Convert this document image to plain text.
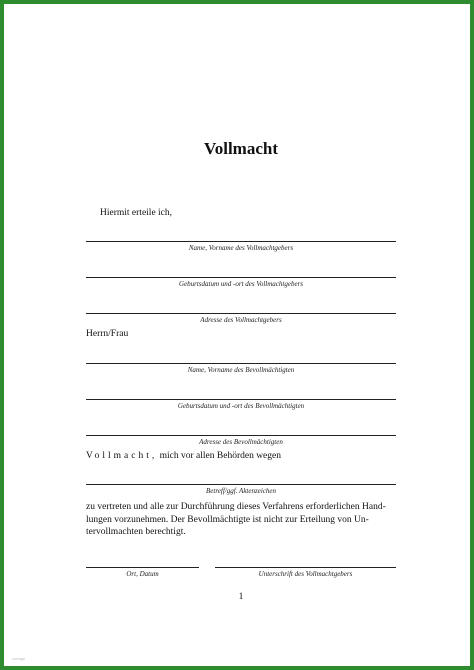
Vollmacht
Hiermit erteile ich,
Name, Vorname des Vollmachtgebers
Geburtsdatum und -ort des Vollmachtgebers
Adresse des Vollmachtgebers
Herrn/Frau
Name, Vorname des Bevollmächtigten
Geburtsdatum und -ort des Bevollmächtigten
Adresse des Bevollmächtigten
Vollmacht, mich vor allen Behörden wegen
Betreff/ggf. Aktenzeichen
zu vertreten und alle zur Durchführung dieses Verfahrens erforderlichen Hand-
lungen vorzunehmen. Der Bevollmächtigte ist nicht zur Erteilung von Un-
tervollmachten berechtigt.
Ort, Datum	Unterschrift des Vollmachtgebers
1
vorlage
